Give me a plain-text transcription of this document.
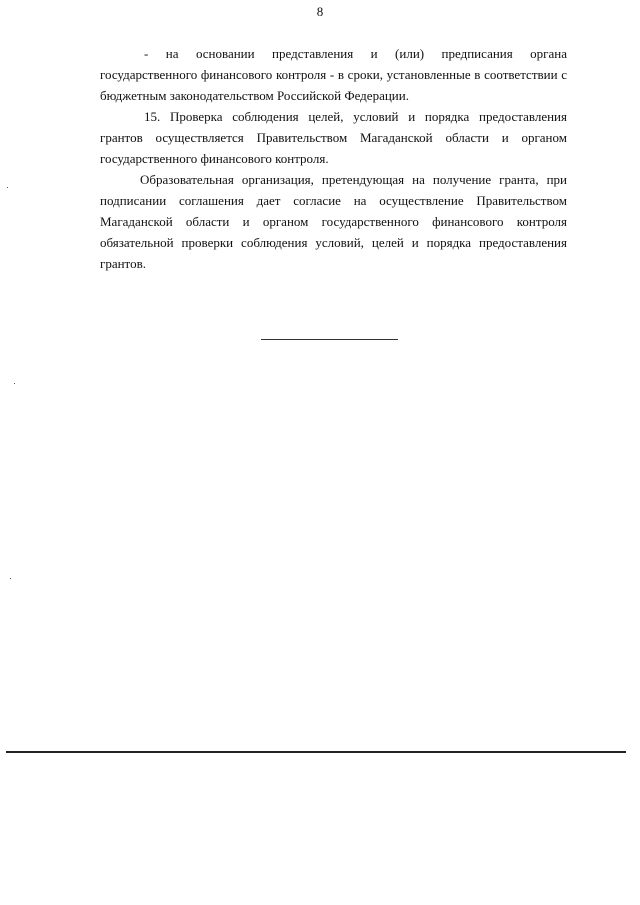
8

- на основании представления и (или) предписания органа государственного финансового контроля - в сроки, установленные в соответствии с бюджетным законодательством Российской Федерации.

15. Проверка соблюдения целей, условий и порядка предоставления грантов осуществляется Правительством Магаданской области и органом государственного финансового контроля.

Образовательная организация, претендующая на получение гранта, при подписании соглашения дает согласие на осуществление Правительством Магаданской области и органом государственного финансового контроля обязательной проверки соблюдения условий, целей и порядка предоставления грантов.
